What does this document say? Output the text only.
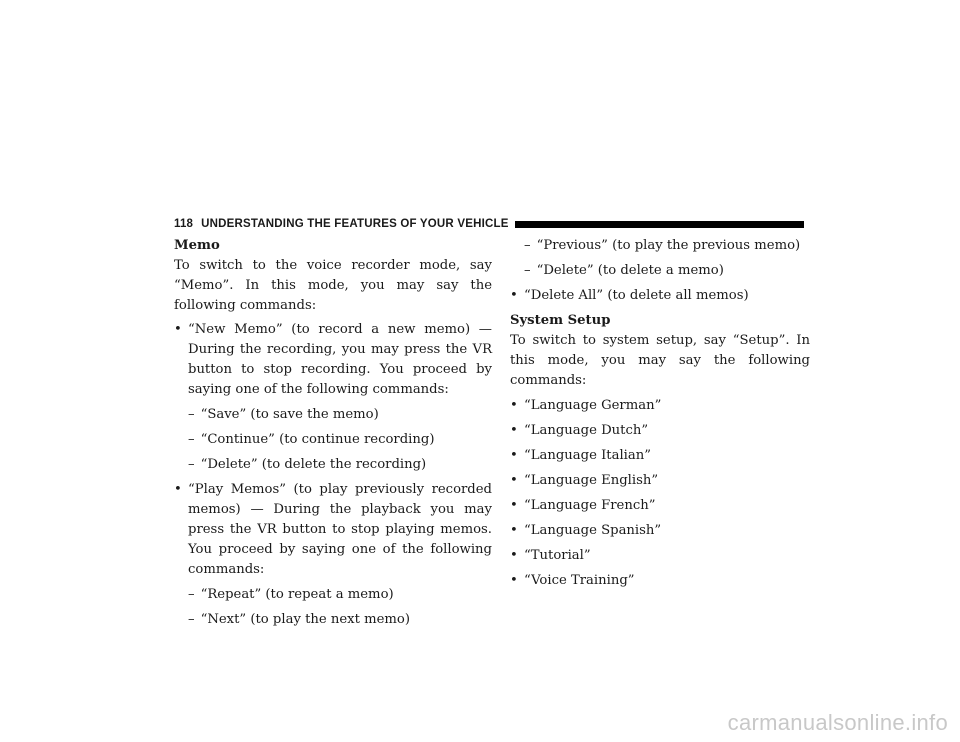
118 UNDERSTANDING THE FEATURES OF YOUR VEHICLE
Memo
To switch to the voice recorder mode, say “Memo”. In this mode, you may say the following commands:
• “New Memo” (to record a new memo) — During the recording, you may press the VR button to stop recording. You proceed by saying one of the following commands:
– “Save” (to save the memo)
– “Continue” (to continue recording)
– “Delete” (to delete the recording)
• “Play Memos” (to play previously recorded memos) — During the playback you may press the VR button to stop playing memos. You proceed by saying one of the following commands:
– “Repeat” (to repeat a memo)
– “Next” (to play the next memo)
– “Previous” (to play the previous memo)
– “Delete” (to delete a memo)
• “Delete All” (to delete all memos)
System Setup
To switch to system setup, say “Setup”. In this mode, you may say the following commands:
• “Language German”
• “Language Dutch”
• “Language Italian”
• “Language English”
• “Language French”
• “Language Spanish”
• “Tutorial”
• “Voice Training”
carmanualsonline.info
